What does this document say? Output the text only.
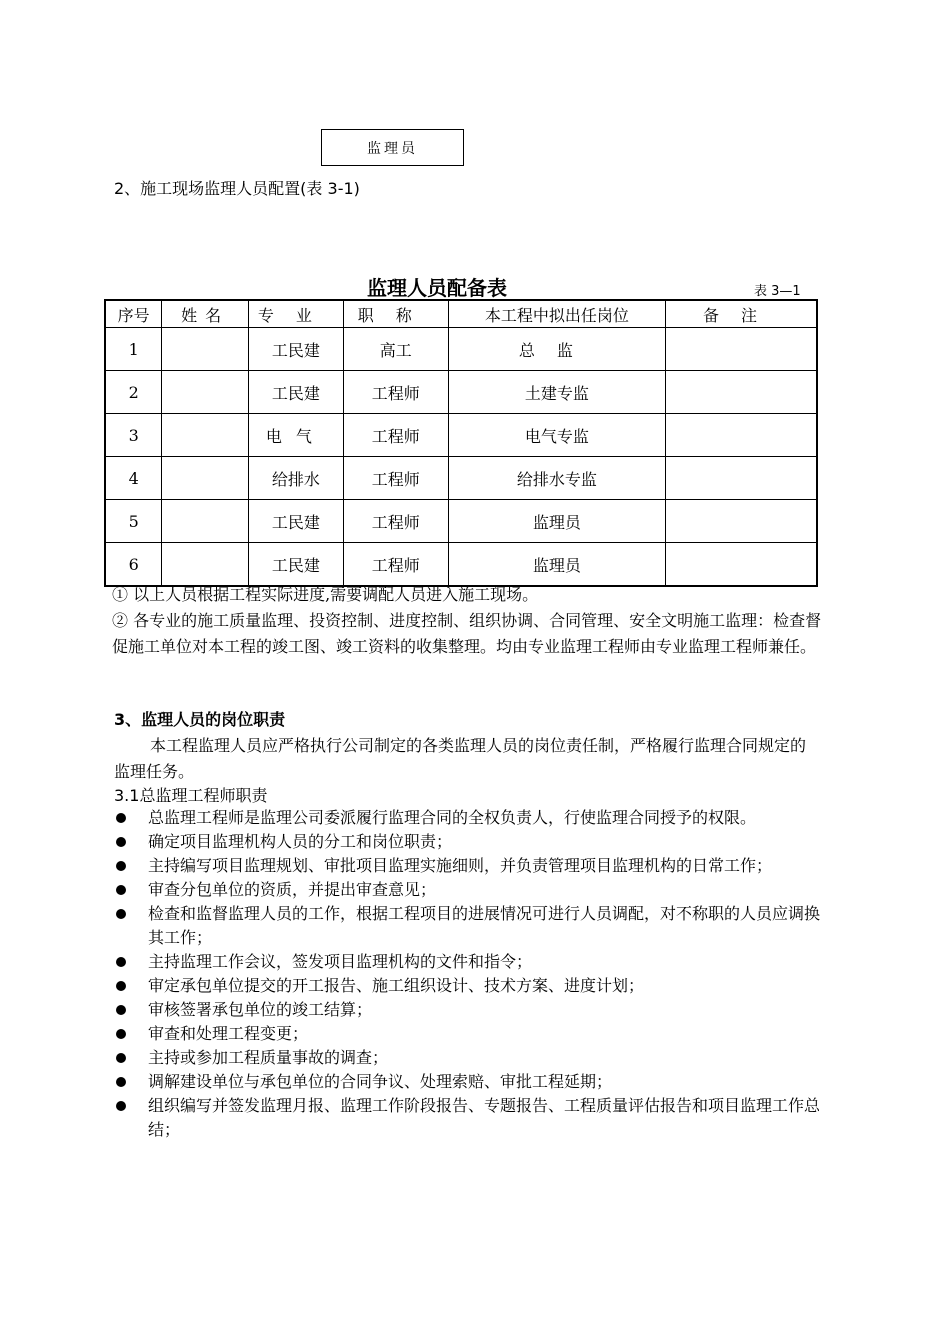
监理员
2、施工现场监理人员配置(表 3-1)
监理人员配备表	表 3—1
序号	姓名	专业	职称	本工程中拟出任岗位	备注
1		工民建	高工	总监	
2		工民建	工程师	土建专监	
3		电气	工程师	电气专监	
4		给排水	工程师	给排水专监	
5		工民建	工程师	监理员	
6		工民建	工程师	监理员	
① 以上人员根据工程实际进度,需要调配人员进入施工现场。
② 各专业的施工质量监理、投资控制、进度控制、组织协调、合同管理、安全文明施工监理：检查督促施工单位对本工程的竣工图、竣工资料的收集整理。均由专业监理工程师由专业监理工程师兼任。
3、监理人员的岗位职责
本工程监理人员应严格执行公司制定的各类监理人员的岗位责任制，严格履行监理合同规定的监理任务。
3.1总监理工程师职责
总监理工程师是监理公司委派履行监理合同的全权负责人，行使监理合同授予的权限。
确定项目监理机构人员的分工和岗位职责；
主持编写项目监理规划、审批项目监理实施细则，并负责管理项目监理机构的日常工作；
审查分包单位的资质，并提出审查意见；
检查和监督监理人员的工作，根据工程项目的进展情况可进行人员调配，对不称职的人员应调换其工作；
主持监理工作会议，签发项目监理机构的文件和指令；
审定承包单位提交的开工报告、施工组织设计、技术方案、进度计划；
审核签署承包单位的竣工结算；
审查和处理工程变更；
主持或参加工程质量事故的调查；
调解建设单位与承包单位的合同争议、处理索赔、审批工程延期；
组织编写并签发监理月报、监理工作阶段报告、专题报告、工程质量评估报告和项目监理工作总结；
